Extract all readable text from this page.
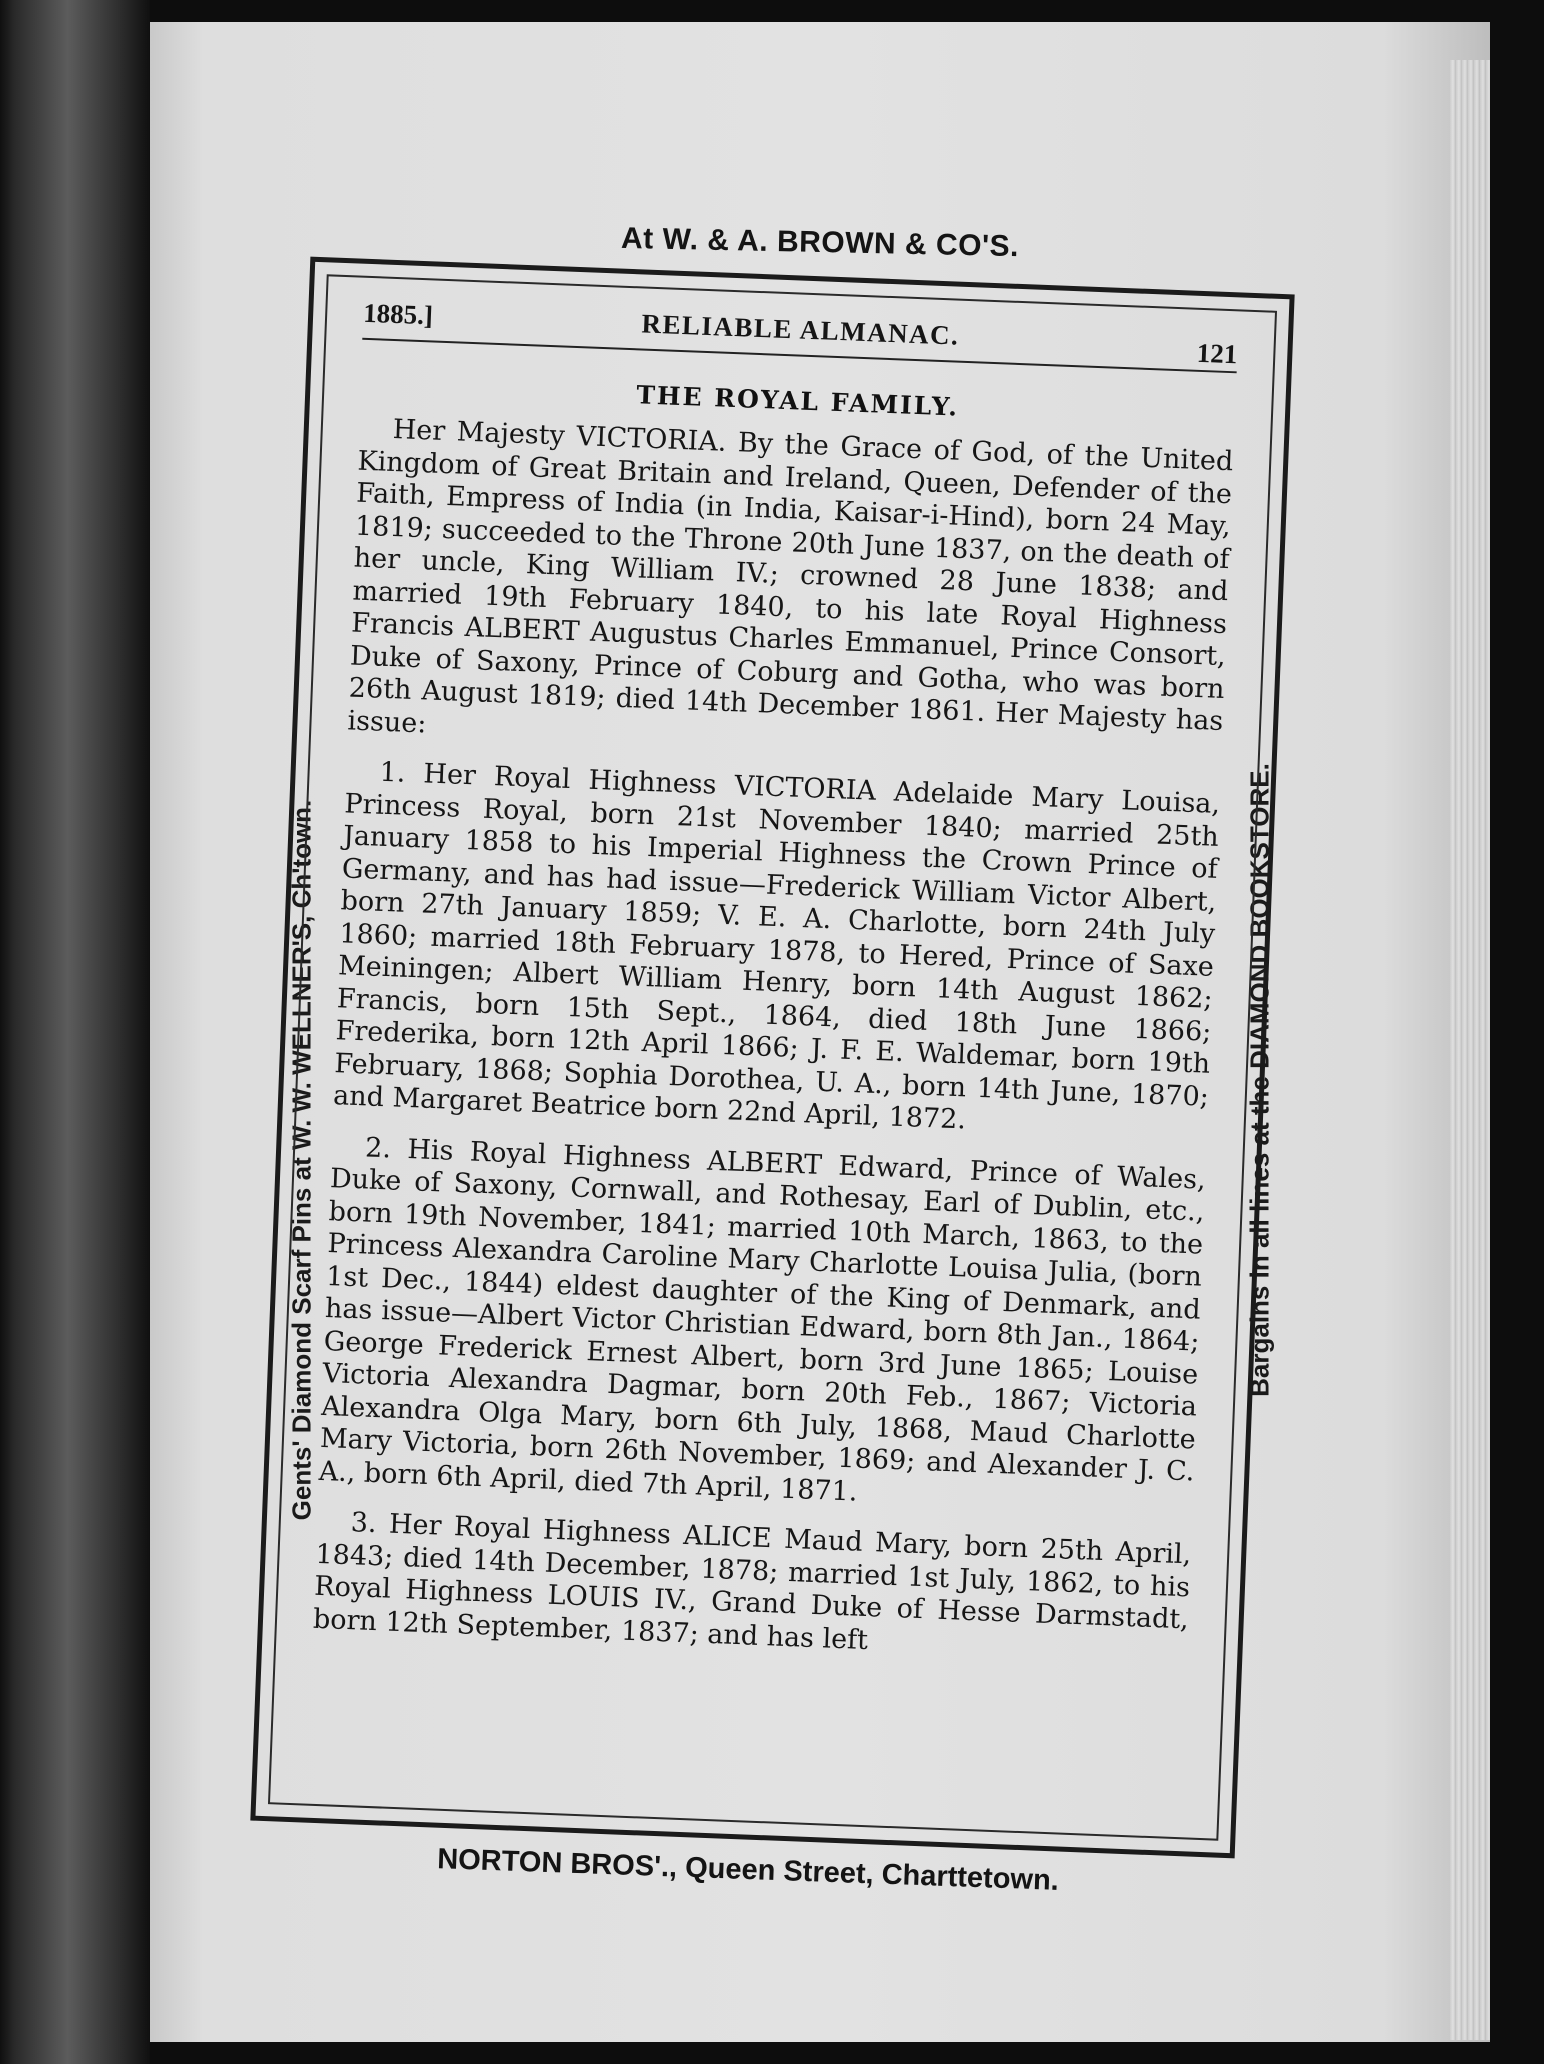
At W. & A. BROWN & CO'S.
Gents' Diamond Scarf Pins at W. W. WELLNER'S, Ch'town.	Bargains in all lines at the DIAMOND BOOKSTORE.
1885.]	RELIABLE ALMANAC.
121
THE ROYAL FAMILY.

Her Majesty VICTORIA. By the Grace of God, of the United Kingdom of Great Britain and Ireland, Queen, Defender of the Faith, Empress of India (in India, Kaisar-i-Hind), born 24 May, 1819; succeeded to the Throne 20th June 1837, on the death of her uncle, King William IV.; crowned 28 June 1838; and married 19th February 1840, to his late Royal Highness Francis ALBERT Augustus Charles Emmanuel, Prince Consort, Duke of Saxony, Prince of Coburg and Gotha, who was born 26th August 1819; died 14th December 1861. Her Majesty has issue:

1. Her Royal Highness VICTORIA Adelaide Mary Louisa, Princess Royal, born 21st November 1840; married 25th January 1858 to his Imperial Highness the Crown Prince of Germany, and has had issue—Frederick William Victor Albert, born 27th January 1859; V. E. A. Charlotte, born 24th July 1860; married 18th February 1878, to Hered, Prince of Saxe Meiningen; Albert William Henry, born 14th August 1862; Francis, born 15th Sept., 1864, died 18th June 1866; Frederika, born 12th April 1866; J. F. E. Waldemar, born 19th February, 1868; Sophia Dorothea, U. A., born 14th June, 1870; and Margaret Beatrice born 22nd April, 1872.

2. His Royal Highness ALBERT Edward, Prince of Wales, Duke of Saxony, Cornwall, and Rothesay, Earl of Dublin, etc., born 19th November, 1841; married 10th March, 1863, to the Princess Alexandra Caroline Mary Charlotte Louisa Julia, (born 1st Dec., 1844) eldest daughter of the King of Denmark, and has issue—Albert Victor Christian Edward, born 8th Jan., 1864; George Frederick Ernest Albert, born 3rd June 1865; Louise Victoria Alexandra Dagmar, born 20th Feb., 1867; Victoria Alexandra Olga Mary, born 6th July, 1868, Maud Charlotte Mary Victoria, born 26th November, 1869; and Alexander J. C. A., born 6th April, died 7th April, 1871.

3. Her Royal Highness ALICE Maud Mary, born 25th April, 1843; died 14th December, 1878; married 1st July, 1862, to his Royal Highness LOUIS IV., Grand Duke of Hesse Darmstadt, born 12th September, 1837; and has left

NORTON BROS'., Queen Street, Charttetown.
